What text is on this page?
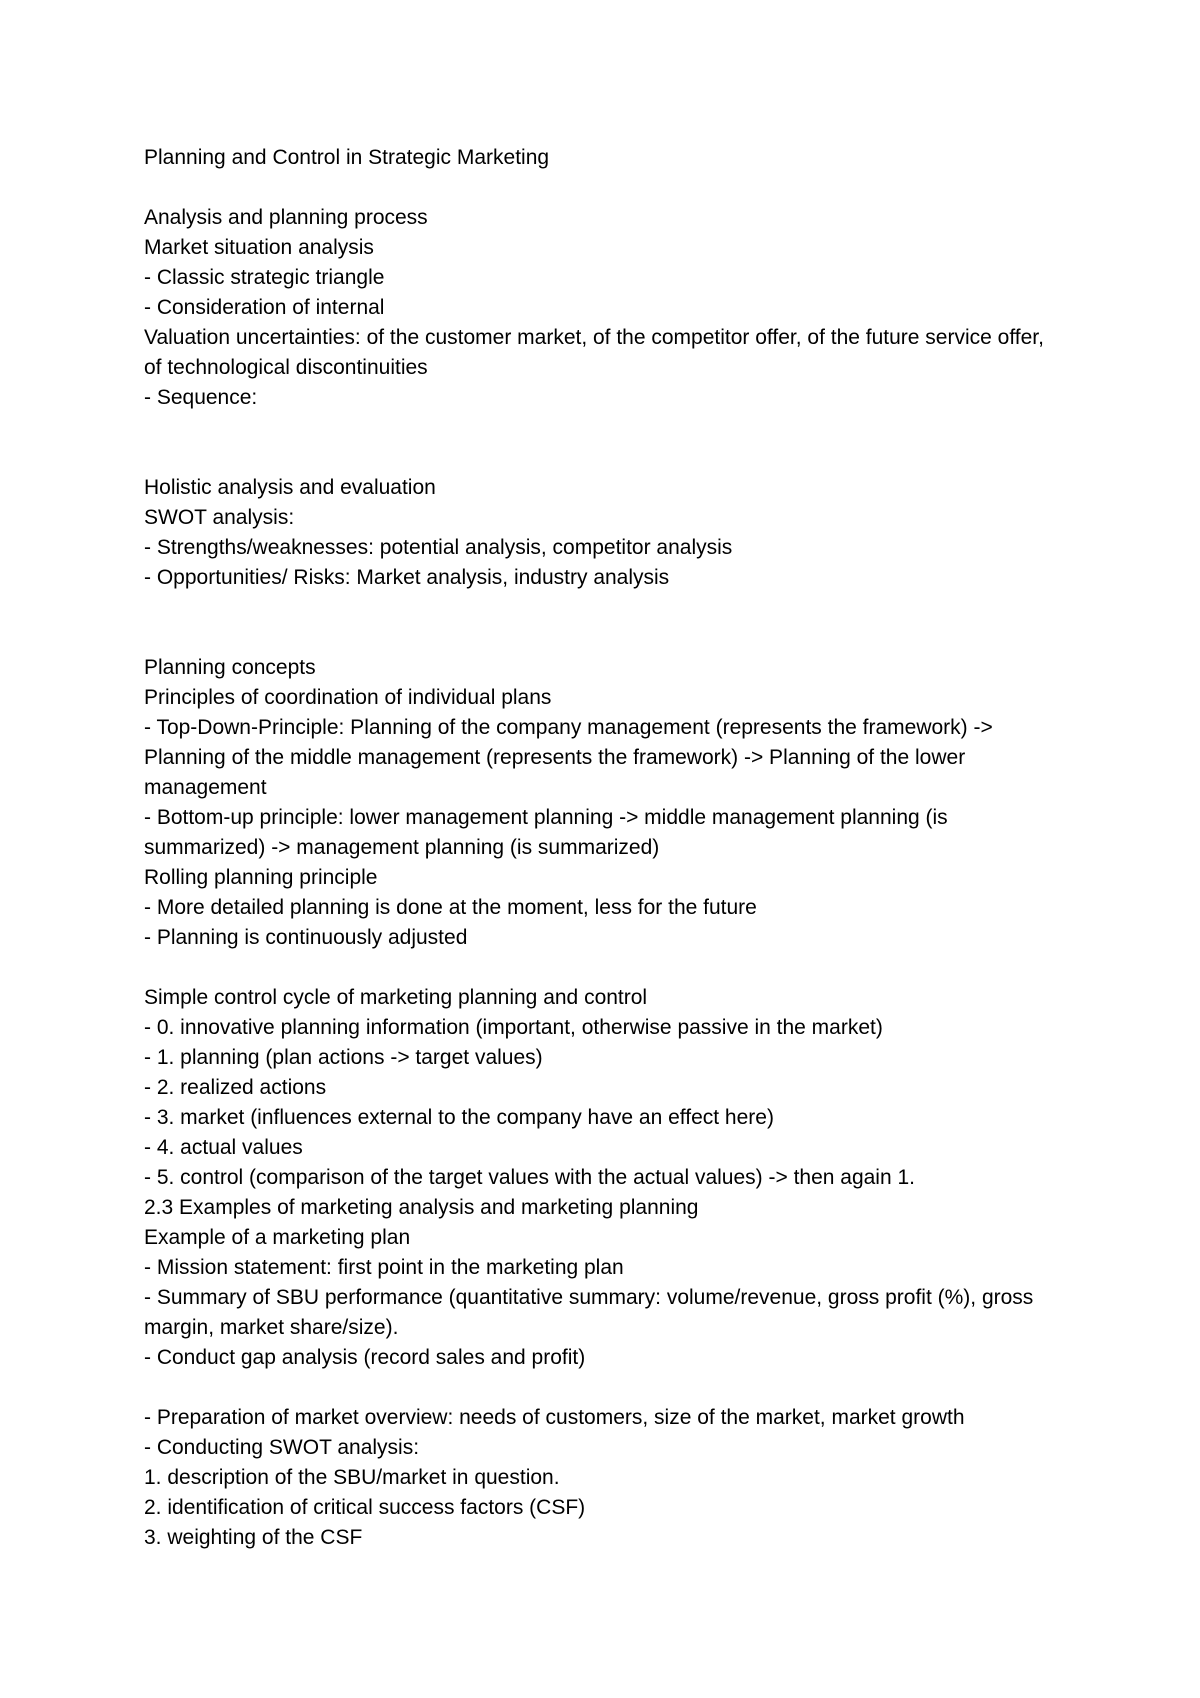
Planning and Control in Strategic Marketing
Analysis and planning process
Market situation analysis
- Classic strategic triangle
- Consideration of internal
Valuation uncertainties: of the customer market, of the competitor offer, of the future service offer, of technological discontinuities
- Sequence:
Holistic analysis and evaluation
SWOT analysis:
- Strengths/weaknesses: potential analysis, competitor analysis
- Opportunities/ Risks: Market analysis, industry analysis
Planning concepts
Principles of coordination of individual plans
- Top-Down-Principle: Planning of the company management (represents the framework) -> Planning of the middle management (represents the framework) -> Planning of the lower management
- Bottom-up principle: lower management planning -> middle management planning (is summarized) -> management planning (is summarized)
Rolling planning principle
- More detailed planning is done at the moment, less for the future
- Planning is continuously adjusted
Simple control cycle of marketing planning and control
- 0. innovative planning information (important, otherwise passive in the market)
- 1. planning (plan actions -> target values)
- 2. realized actions
- 3. market (influences external to the company have an effect here)
- 4. actual values
- 5. control (comparison of the target values with the actual values) -> then again 1.
2.3 Examples of marketing analysis and marketing planning
Example of a marketing plan
- Mission statement: first point in the marketing plan
- Summary of SBU performance (quantitative summary: volume/revenue, gross profit (%), gross margin, market share/size).
- Conduct gap analysis (record sales and profit)
- Preparation of market overview: needs of customers, size of the market, market growth
- Conducting SWOT analysis:
1. description of the SBU/market in question.
2. identification of critical success factors (CSF)
3. weighting of the CSF
